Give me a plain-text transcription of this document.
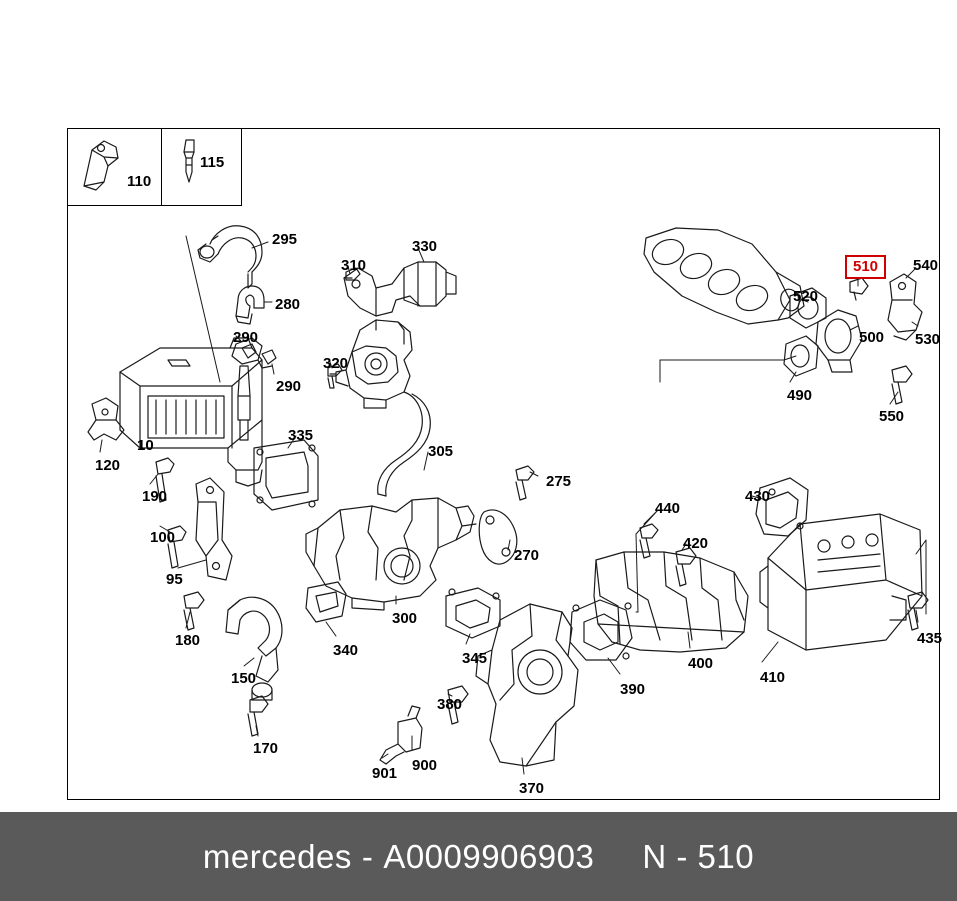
110
115
295	330
310
280
290
290
320
520
510	540
500 530
490
550
10
335
305
120
190
275
440
430
420
100
270
95
180
300
340	345
390
400
410
435
150
380
170
901 900
370
mercedes - A0009906903 N - 510
